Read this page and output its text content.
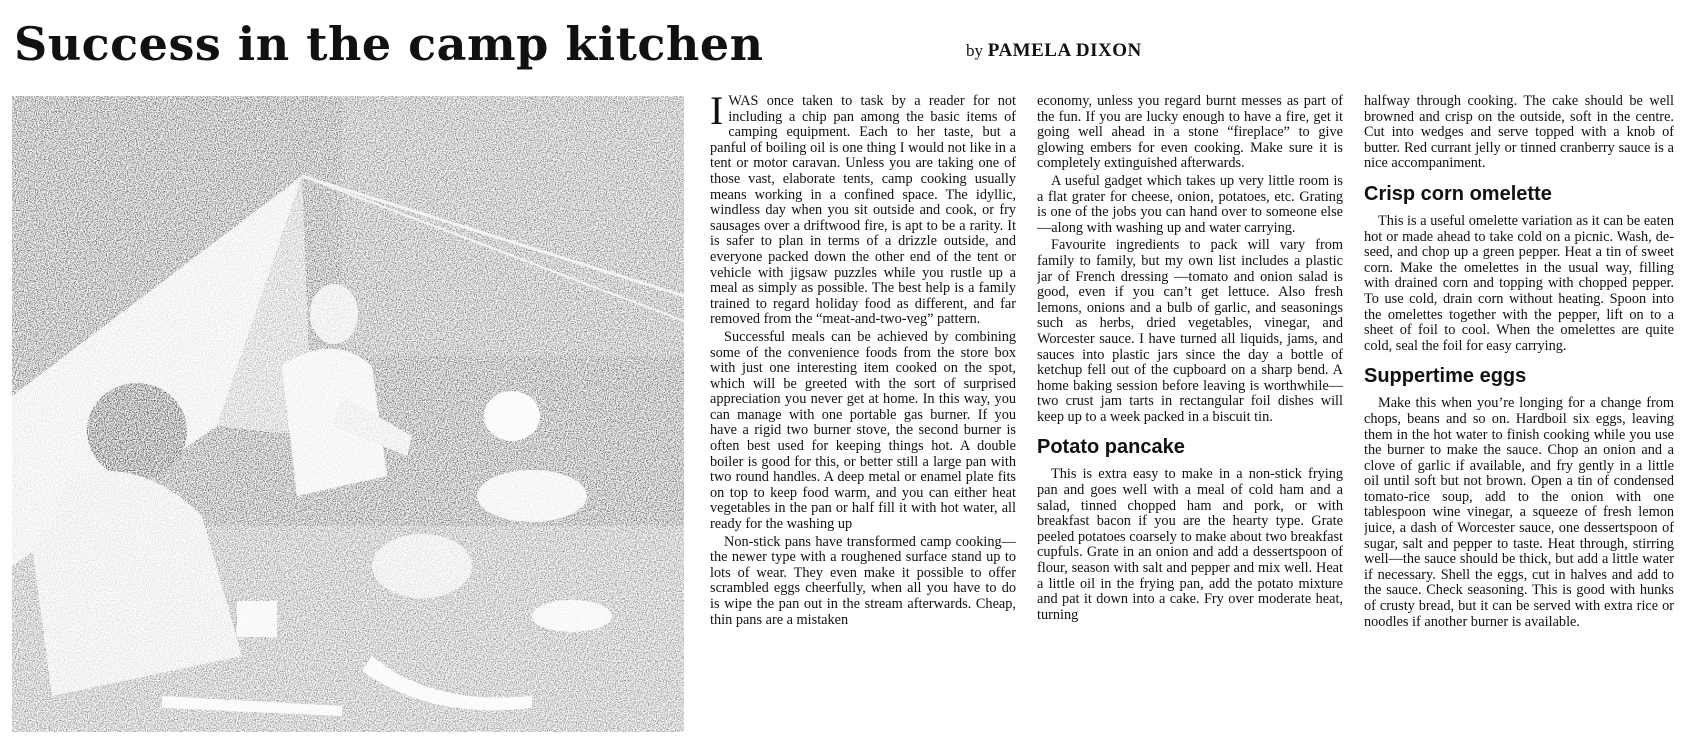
Success in the camp kitchen	by PAMELA DIXON

IWAS once taken to task by a reader for not including a chip pan among the basic items of camping equipment. Each to her taste, but a panful of boiling oil is one thing I would not like in a tent or motor caravan. Unless you are taking one of those vast, elaborate tents, camp cooking usually means working in a confined space. The idyllic, windless day when you sit outside and cook, or fry sausages over a driftwood fire, is apt to be a rarity. It is safer to plan in terms of a drizzle outside, and everyone packed down the other end of the tent or vehicle with jigsaw puzzles while you rustle up a meal as simply as possible. The best help is a family trained to regard holiday food as different, and far removed from the “meat-and-two-veg” pattern.

Successful meals can be achieved by combining some of the convenience foods from the store box with just one interesting item cooked on the spot, which will be greeted with the sort of surprised appreciation you never get at home. In this way, you can manage with one portable gas burner. If you have a rigid two burner stove, the second burner is often best used for keeping things hot. A double boiler is good for this, or better still a large pan with two round handles. A deep metal or enamel plate fits on top to keep food warm, and you can either heat vegetables in the pan or half fill it with hot water, all ready for the washing up

Non-stick pans have transformed camp cooking—the newer type with a roughened surface stand up to lots of wear. They even make it possible to offer scrambled eggs cheerfully, when all you have to do is wipe the pan out in the stream afterwards. Cheap, thin pans are a mistaken

economy, unless you regard burnt messes as part of the fun. If you are lucky enough to have a fire, get it going well ahead in a stone “fireplace” to give glowing embers for even cooking. Make sure it is completely extinguished afterwards.

A useful gadget which takes up very little room is a flat grater for cheese, onion, potatoes, etc. Grating is one of the jobs you can hand over to someone else—along with washing up and water carrying.

Favourite ingredients to pack will vary from family to family, but my own list includes a plastic jar of French dressing —tomato and onion salad is good, even if you can’t get lettuce. Also fresh lemons, onions and a bulb of garlic, and seasonings such as herbs, dried vegetables, vinegar, and Worcester sauce. I have turned all liquids, jams, and sauces into plastic jars since the day a bottle of ketchup fell out of the cupboard on a sharp bend. A home baking session before leaving is worthwhile—two crust jam tarts in rectangular foil dishes will keep up to a week packed in a biscuit tin.

Potato pancake

This is extra easy to make in a non-stick frying pan and goes well with a meal of cold ham and a salad, tinned chopped ham and pork, or with breakfast bacon if you are the hearty type. Grate peeled potatoes coarsely to make about two breakfast cupfuls. Grate in an onion and add a dessertspoon of flour, season with salt and pepper and mix well. Heat a little oil in the frying pan, add the potato mixture and pat it down into a cake. Fry over moderate heat, turning

halfway through cooking. The cake should be well browned and crisp on the outside, soft in the centre. Cut into wedges and serve topped with a knob of butter. Red currant jelly or tinned cranberry sauce is a nice accompaniment.

Crisp corn omelette

This is a useful omelette variation as it can be eaten hot or made ahead to take cold on a picnic. Wash, de-seed, and chop up a green pepper. Heat a tin of sweet corn. Make the omelettes in the usual way, filling with drained corn and topping with chopped pepper. To use cold, drain corn without heating. Spoon into the omelettes together with the pepper, lift on to a sheet of foil to cool. When the omelettes are quite cold, seal the foil for easy carrying.

Suppertime eggs

Make this when you’re longing for a change from chops, beans and so on. Hardboil six eggs, leaving them in the hot water to finish cooking while you use the burner to make the sauce. Chop an onion and a clove of garlic if available, and fry gently in a little oil until soft but not brown. Open a tin of condensed tomato-rice soup, add to the onion with one tablespoon wine vinegar, a squeeze of fresh lemon juice, a dash of Worcester sauce, one dessertspoon of sugar, salt and pepper to taste. Heat through, stirring well—the sauce should be thick, but add a little water if necessary. Shell the eggs, cut in halves and add to the sauce. Check seasoning. This is good with hunks of crusty bread, but it can be served with extra rice or noodles if another burner is available.
